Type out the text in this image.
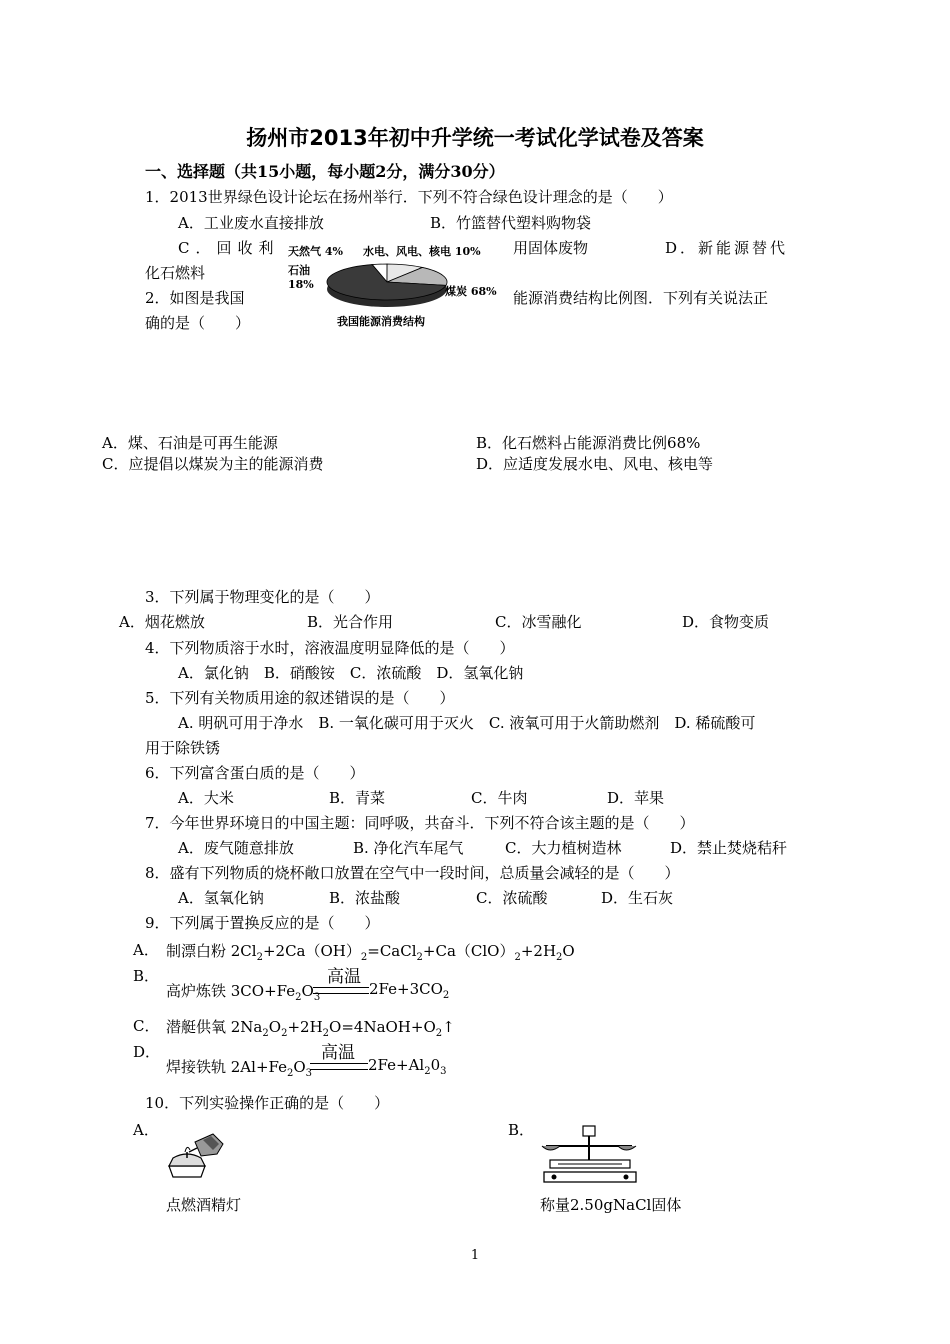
扬州市2013年初中升学统一考试化学试卷及答案
一、选择题（共15小题，每小题2分，满分30分）
1．2013世界绿色设计论坛在扬州举行．下列不符合绿色设计理念的是（　　）
A．工业废水直接排放	B．竹篮替代塑料购物袋
C．回收利	用固体废物	D．新能源替代
化石燃料
2．如图是我国	能源消费结构比例图．下列有关说法正
确的是（　　）
天然气 4% 水电、风电、核电 10%
石油
18%
煤炭 68%
我国能源消费结构
A．煤、石油是可再生能源	B．化石燃料占能源消费比例68%
C．应提倡以煤炭为主的能源消费	D．应适度发展水电、风电、核电等
3．下列属于物理变化的是（　　）
A．烟花燃放	B．光合作用	C．冰雪融化	D．食物变质
4．下列物质溶于水时，溶液温度明显降低的是（　　）
A．氯化钠　B．硝酸铵　C．浓硫酸　D．氢氧化钠
5．下列有关物质用途的叙述错误的是（　　）
A. 明矾可用于净水　B. 一氧化碳可用于灭火　C. 液氧可用于火箭助燃剂　D. 稀硫酸可
用于除铁锈
6．下列富含蛋白质的是（　　）
A．大米	B．青菜	C．牛肉	D．苹果
7．今年世界环境日的中国主题：同呼吸，共奋斗．下列不符合该主题的是（　　）
A．废气随意排放	B. 净化汽车尾气	C．大力植树造林	D．禁止焚烧秸秆
8．盛有下列物质的烧杯敞口放置在空气中一段时间，总质量会减轻的是（　　）
A．氢氧化钠	B．浓盐酸	C．浓硫酸	D．生石灰
9．下列属于置换反应的是（　　）
A． 制漂白粉 $2Cl_2+2Ca(OH)_2=CaCl_2+Ca(ClO)_2+2H_2O$
B．
高炉炼铁 $3CO+Fe_2O_3$
高温
$2Fe+3CO_2$
C． 潜艇供氧 $2Na_2O_2+2H_2O=4NaOH+O_2↑$
D．
焊接铁轨 $2Al+Fe_2O_3$
高温
$2Fe+Al_20_3$
10．下列实验操作正确的是（　　）
A．	B．
点燃酒精灯	称量2.50gNaCl固体
1
